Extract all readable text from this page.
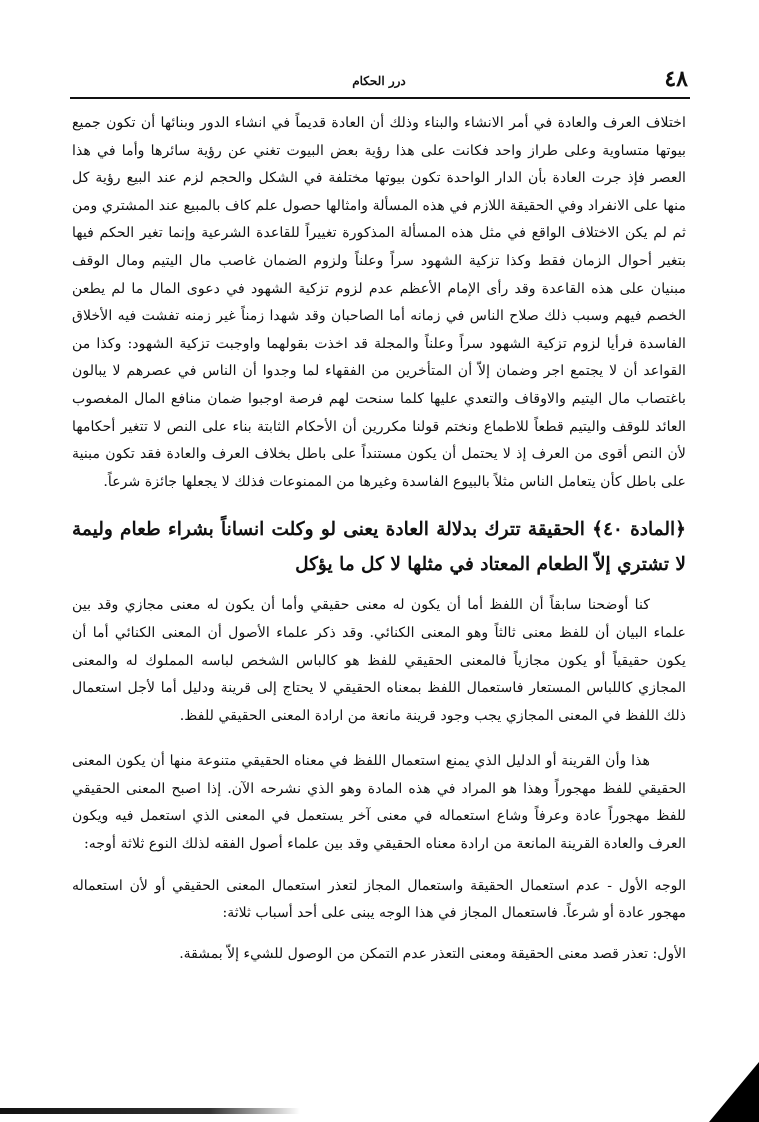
٤٨
درر الحكام

اختلاف العرف والعادة في أمر الانشاء والبناء وذلك أن العادة قديماً في انشاء الدور وبنائها أن تكون جميع بيوتها متساوية وعلى طراز واحد فكانت على هذا رؤية بعض البيوت تغني عن رؤية سائرها وأما في هذا العصر فإذ جرت العادة بأن الدار الواحدة تكون بيوتها مختلفة في الشكل والحجم لزم عند البيع رؤية كل منها على الانفراد وفي الحقيقة اللازم في هذه المسألة وامثالها حصول علم كاف بالمبيع عند المشتري ومن ثم لم يكن الاختلاف الواقع في مثل هذه المسألة المذكورة تغييراً للقاعدة الشرعية وإنما تغير الحكم فيها بتغير أحوال الزمان فقط وكذا تزكية الشهود سراً وعلناً ولزوم الضمان غاصب مال اليتيم ومال الوقف مبنيان على هذه القاعدة وقد رأى الإمام الأعظم عدم لزوم تزكية الشهود في دعوى المال ما لم يطعن الخصم فيهم وسبب ذلك صلاح الناس في زمانه أما الصاحبان وقد شهدا زمناً غير زمنه تفشت فيه الأخلاق الفاسدة فرأيا لزوم تزكية الشهود سراً وعلناً والمجلة قد اخذت بقولهما واوجبت تزكية الشهود: وكذا من القواعد أن لا يجتمع اجر وضمان إلاّ أن المتأخرين من الفقهاء لما وجدوا أن الناس في عصرهم لا يبالون باغتصاب مال اليتيم والاوقاف والتعدي عليها كلما سنحت لهم فرصة اوجبوا ضمان منافع المال المغصوب العائد للوقف واليتيم قطعاً للاطماع ونختم قولنا مكررين أن الأحكام الثابتة بناء على النص لا تتغير أحكامها لأن النص أقوى من العرف إذ لا يحتمل أن يكون مستنداً على باطل بخلاف العرف والعادة فقد تكون مبنية على باطل كأن يتعامل الناس مثلاً بالبيوع الفاسدة وغيرها من الممنوعات فذلك لا يجعلها جائزة شرعاً.

﴿المادة ٤٠﴾ الحقيقة تترك بدلالة العادة يعنى لو وكلت انساناً بشراء طعام وليمة لا تشتري إلاّ الطعام المعتاد في مثلها لا كل ما يؤكل

كنا أوضحنا سابقاً أن اللفظ أما أن يكون له معنى حقيقي وأما أن يكون له معنى مجازي وقد بين علماء البيان أن للفظ معنى ثالثاً وهو المعنى الكنائي. وقد ذكر علماء الأصول أن المعنى الكنائي أما أن يكون حقيقياً أو يكون مجازياً فالمعنى الحقيقي للفظ هو كالباس الشخص لباسه المملوك له والمعنى المجازي كاللباس المستعار فاستعمال اللفظ بمعناه الحقيقي لا يحتاج إلى قرينة ودليل أما لأجل استعمال ذلك اللفظ في المعنى المجازي يجب وجود قرينة مانعة من ارادة المعنى الحقيقي للفظ.

هذا وأن القرينة أو الدليل الذي يمنع استعمال اللفظ في معناه الحقيقي متنوعة منها أن يكون المعنى الحقيقي للفظ مهجوراً وهذا هو المراد في هذه المادة وهو الذي نشرحه الآن. إذا اصبح المعنى الحقيقي للفظ مهجوراً عادة وعرفاً وشاع استعماله في معنى آخر يستعمل في المعنى الذي استعمل فيه ويكون العرف والعادة القرينة المانعة من ارادة معناه الحقيقي وقد بين علماء أصول الفقه لذلك النوع ثلاثة أوجه:

الوجه الأول - عدم استعمال الحقيقة واستعمال المجاز لتعذر استعمال المعنى الحقيقي أو لأن استعماله مهجور عادة أو شرعاً. فاستعمال المجاز في هذا الوجه يبنى على أحد أسباب ثلاثة:

الأول: تعذر قصد معنى الحقيقة ومعنى التعذر عدم التمكن من الوصول للشيء إلاّ بمشقة.
